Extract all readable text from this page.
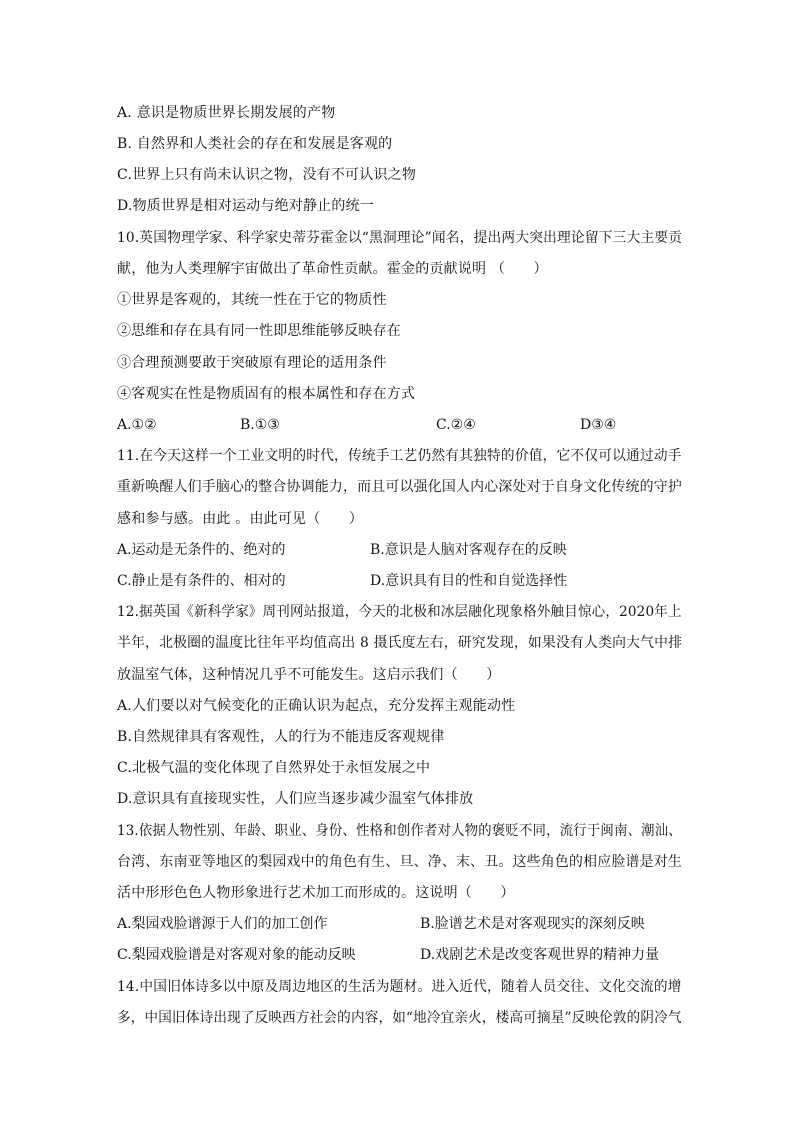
A. 意识是物质世界长期发展的产物
B. 自然界和人类社会的存在和发展是客观的
C.世界上只有尚未认识之物，没有不可认识之物
D.物质世界是相对运动与绝对静止的统一
10.英国物理学家、科学家史蒂芬霍金以“黑洞理论”闻名，提出两大突出理论留下三大主要贡
献，他为人类理解宇宙做出了革命性贡献。霍金的贡献说明 （　　）
①世界是客观的，其统一性在于它的物质性
②思维和存在具有同一性即思维能够反映存在
③合理预测要敢于突破原有理论的适用条件
④客观实在性是物质固有的根本属性和存在方式
A.①②	B.①③	C.②④	D③④
11.在今天这样一个工业文明的时代，传统手工艺仍然有其独特的价值，它不仅可以通过动手
重新唤醒人们手脑心的整合协调能力，而且可以强化国人内心深处对于自身文化传统的守护
感和参与感。由此 。由此可见（　　）
A.运动是无条件的、绝对的	B.意识是人脑对客观存在的反映
C.静止是有条件的、相对的	D.意识具有目的性和自觉选择性
12.据英国《新科学家》周刊网站报道，今天的北极和冰层融化现象格外触目惊心，2020年上
半年，北极圈的温度比往年平均值高出 8 摄氏度左右，研究发现，如果没有人类向大气中排
放温室气体，这种情况几乎不可能发生。这启示我们（　　）
A.人们要以对气候变化的正确认识为起点，充分发挥主观能动性
B.自然规律具有客观性，人的行为不能违反客观规律
C.北极气温的变化体现了自然界处于永恒发展之中
D.意识具有直接现实性，人们应当逐步减少温室气体排放
13.依据人物性别、年龄、职业、身份、性格和创作者对人物的褒贬不同，流行于闽南、潮汕、
台湾、东南亚等地区的梨园戏中的角色有生、旦、净、末、丑。这些角色的相应脸谱是对生
活中形形色色人物形象进行艺术加工而形成的。这说明（　　）
A.梨园戏脸谱源于人们的加工创作	B.脸谱艺术是对客观现实的深刻反映
C.梨园戏脸谱是对客观对象的能动反映	D.戏剧艺术是改变客观世界的精神力量
14.中国旧体诗多以中原及周边地区的生活为题材。进入近代，随着人员交往、文化交流的增
多，中国旧体诗出现了反映西方社会的内容，如“地冷宜亲火，楼高可摘星”反映伦敦的阴冷气
